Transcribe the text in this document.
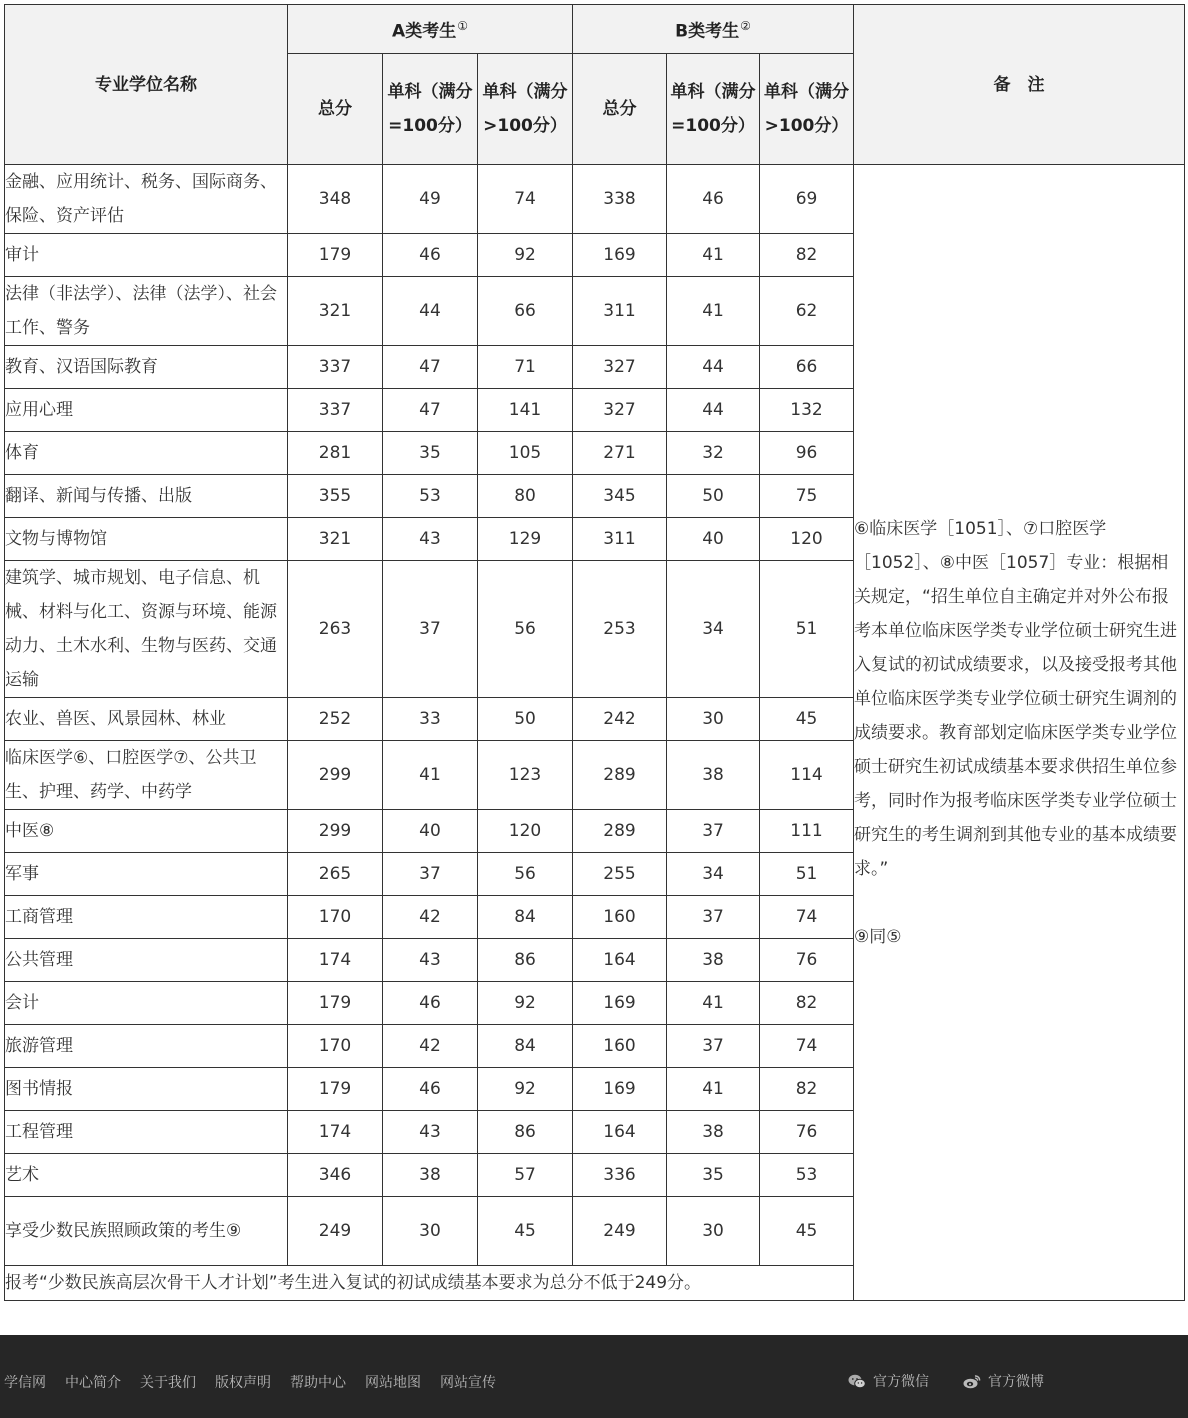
专业学位名称	A类考生①			B类考生②			备　注
	总分	单科（满分 =100分）	单科（满分 >100分）	总分	单科（满分 =100分）	单科（满分 >100分）	
金融、应用统计、税务、国际商务、保险、资产评估	348	49	74	338	46	69	⑥临床医学［1051］、⑦口腔医学［1052］、⑧中医［1057］专业：根据相关规定，“招生单位自主确定并对外公布报考本单位临床医学类专业学位硕士研究生进入复试的初试成绩要求，以及接受报考其他单位临床医学类专业学位硕士研究生调剂的成绩要求。教育部划定临床医学类专业学位硕士研究生初试成绩基本要求供招生单位参考，同时作为报考临床医学类专业学位硕士研究生的考生调剂到其他专业的基本成绩要求。”

⑨同⑤

审计	179	46	92	169	41	82	
法律（非法学）、法律（法学）、社会工作、警务	321	44	66	311	41	62	
教育、汉语国际教育	337	47	71	327	44	66	
应用心理	337	47	141	327	44	132	
体育	281	35	105	271	32	96	
翻译、新闻与传播、出版	355	53	80	345	50	75	
文物与博物馆	321	43	129	311	40	120	
建筑学、城市规划、电子信息、机械、材料与化工、资源与环境、能源动力、土木水利、生物与医药、交通运输	263	37	56	253	34	51	
农业、兽医、风景园林、林业	252	33	50	242	30	45	
临床医学⑥、口腔医学⑦、公共卫生、护理、药学、中药学	299	41	123	289	38	114	
中医⑧	299	40	120	289	37	111	
军事	265	37	56	255	34	51	
工商管理	170	42	84	160	37	74	
公共管理	174	43	86	164	38	76	
会计	179	46	92	169	41	82	
旅游管理	170	42	84	160	37	74	
图书情报	179	46	92	169	41	82	
工程管理	174	43	86	164	38	76	
艺术	346	38	57	336	35	53	
享受少数民族照顾政策的考生⑨	249	30	45	249	30	45	
报考“少数民族高层次骨干人才计划”考生进入复试的初试成绩基本要求为总分不低于249分。							
学信网 中心简介 关于我们 版权声明 帮助中心 网站地图 网站宣传	官方微信	官方微博
